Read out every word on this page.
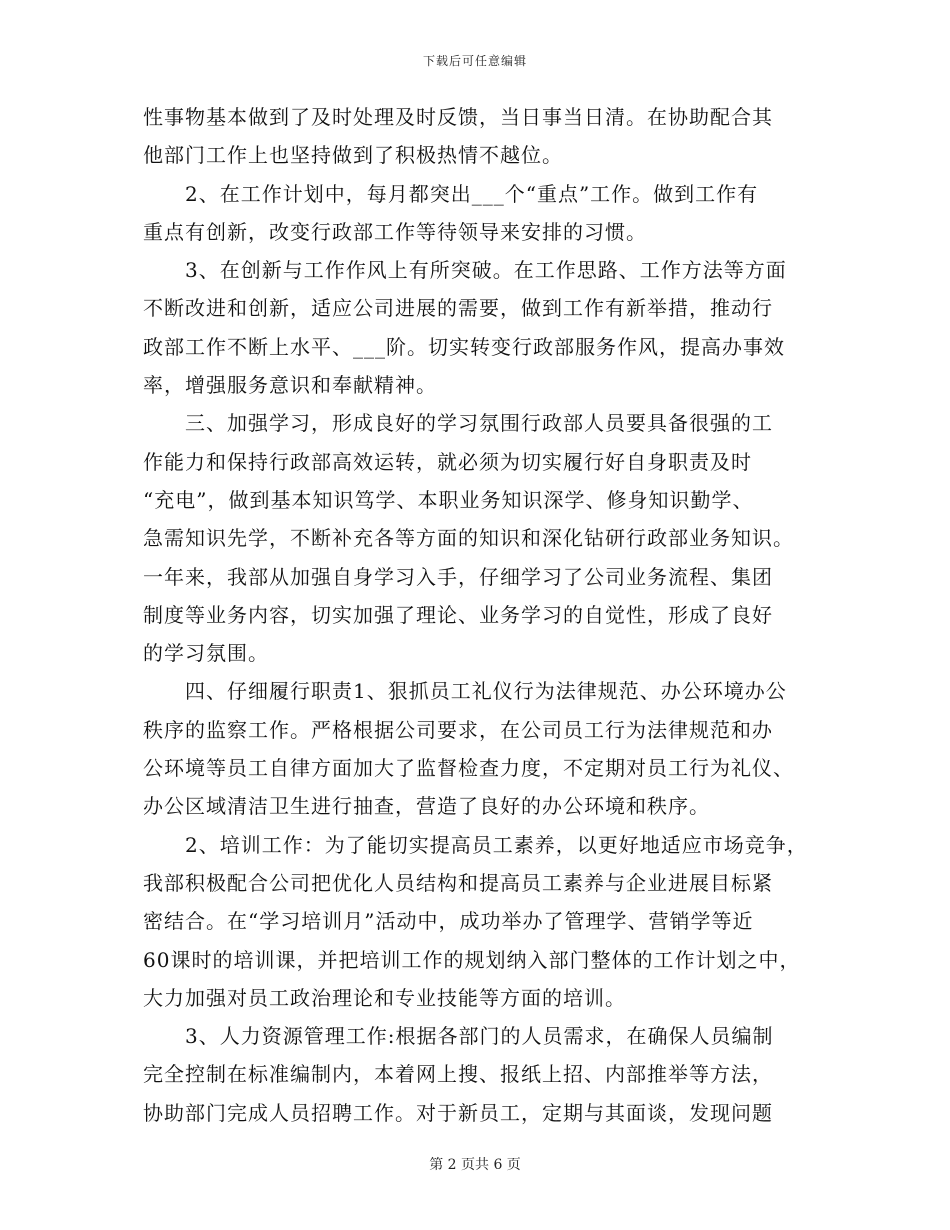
下载后可任意编辑
性事物基本做到了及时处理及时反馈，当日事当日清。在协助配合其
他部门工作上也坚持做到了积极热情不越位。
　　2、在工作计划中，每月都突出___个“重点”工作。做到工作有
重点有创新，改变行政部工作等待领导来安排的习惯。
　　3、在创新与工作作风上有所突破。在工作思路、工作方法等方面
不断改进和创新，适应公司进展的需要，做到工作有新举措，推动行
政部工作不断上水平、___阶。切实转变行政部服务作风，提高办事效
率，增强服务意识和奉献精神。
　　三、加强学习，形成良好的学习氛围行政部人员要具备很强的工
作能力和保持行政部高效运转，就必须为切实履行好自身职责及时
“充电”，做到基本知识笃学、本职业务知识深学、修身知识勤学、
急需知识先学，不断补充各等方面的知识和深化钻研行政部业务知识。
一年来，我部从加强自身学习入手，仔细学习了公司业务流程、集团
制度等业务内容，切实加强了理论、业务学习的自觉性，形成了良好
的学习氛围。
　　四、仔细履行职责1、狠抓员工礼仪行为法律规范、办公环境办公
秩序的监察工作。严格根据公司要求，在公司员工行为法律规范和办
公环境等员工自律方面加大了监督检查力度，不定期对员工行为礼仪、
办公区域清洁卫生进行抽查，营造了良好的办公环境和秩序。
　　2、培训工作：为了能切实提高员工素养，以更好地适应市场竞争，
我部积极配合公司把优化人员结构和提高员工素养与企业进展目标紧
密结合。在“学习培训月”活动中，成功举办了管理学、营销学等近
60课时的培训课，并把培训工作的规划纳入部门整体的工作计划之中，
大力加强对员工政治理论和专业技能等方面的培训。
　　3、人力资源管理工作:根据各部门的人员需求，在确保人员编制
完全控制在标准编制内，本着网上搜、报纸上招、内部推举等方法，
协助部门完成人员招聘工作。对于新员工，定期与其面谈，发现问题
第 2 页共 6 页
